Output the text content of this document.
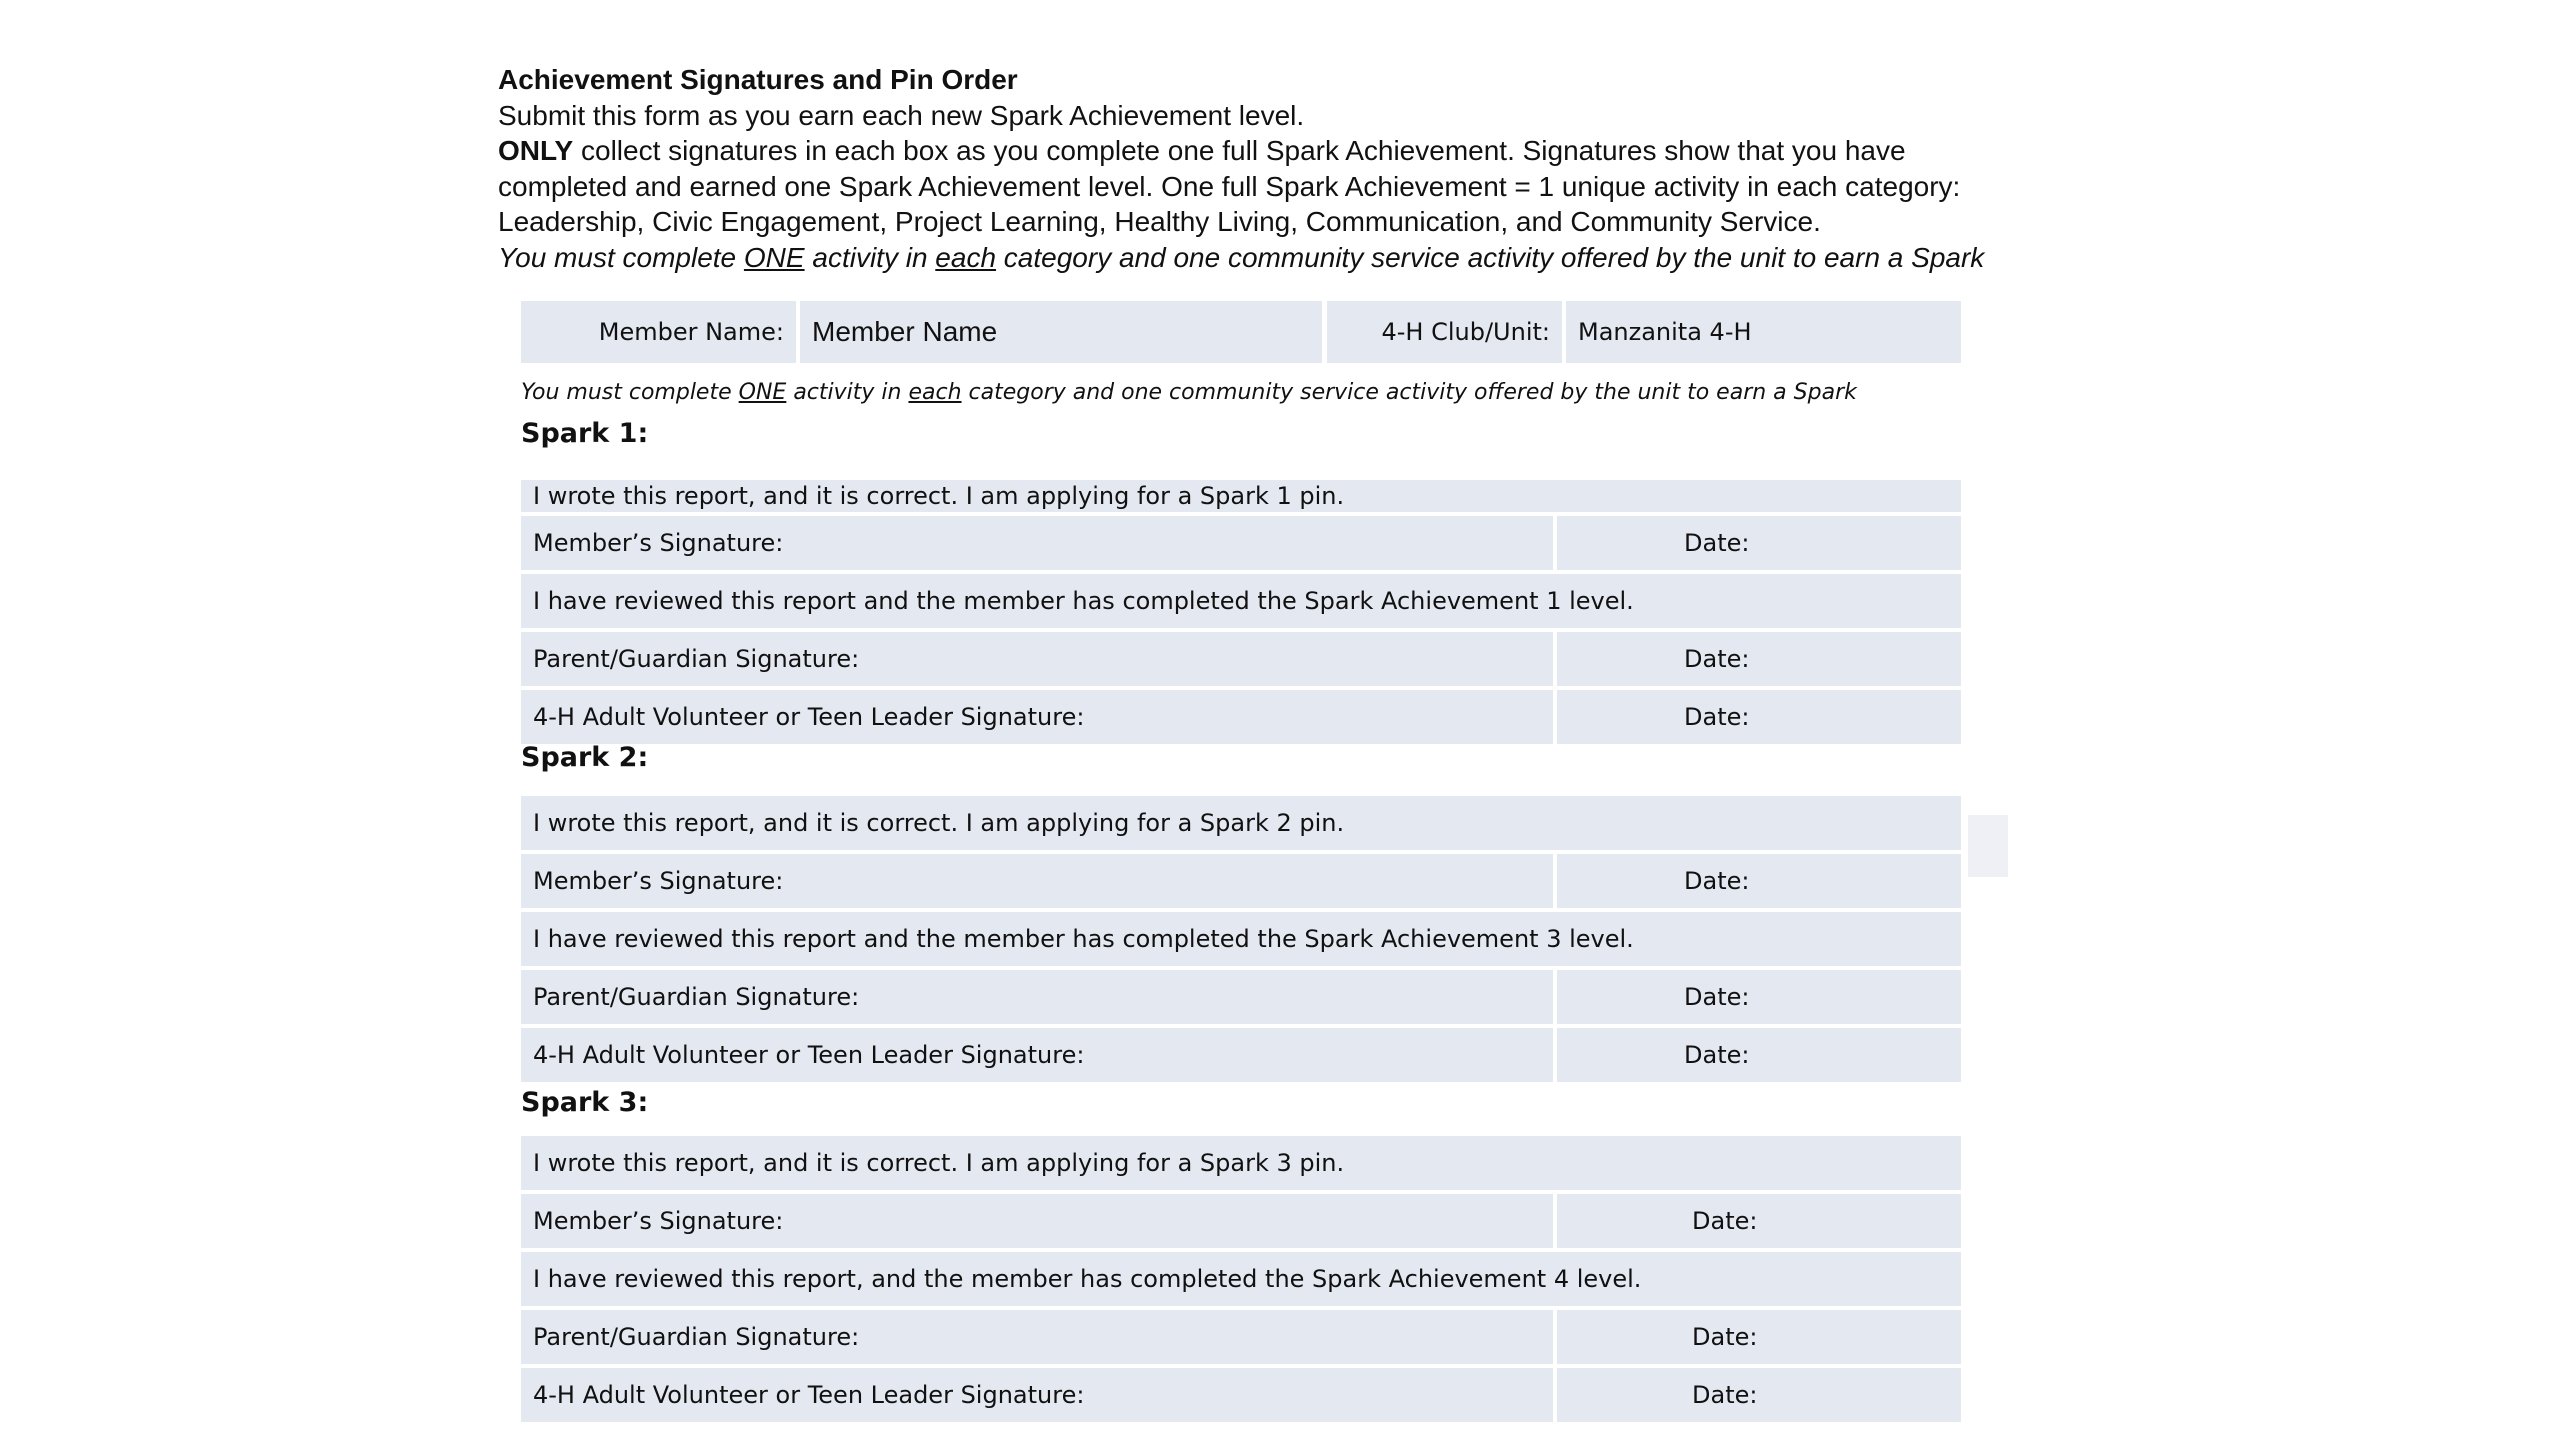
Achievement Signatures and Pin Order
Submit this form as you earn each new Spark Achievement level.
ONLY collect signatures in each box as you complete one full Spark Achievement. Signatures show that you have
completed and earned one Spark Achievement level. One full Spark Achievement = 1 unique activity in each category:
Leadership, Civic Engagement, Project Learning, Healthy Living, Communication, and Community Service.
You must complete ONE activity in each category and one community service activity offered by the unit to earn a Spark
Member Name:	Member Name	4-H Club/Unit:	Manzanita 4-H
You must complete ONE activity in each category and one community service activity offered by the unit to earn a Spark
Spark 1:
I wrote this report, and it is correct. I am applying for a Spark 1 pin.
Member’s Signature:	Date:
I have reviewed this report and the member has completed the Spark Achievement 1 level.
Parent/Guardian Signature:	Date:
4-H Adult Volunteer or Teen Leader Signature:	Date:
Spark 2:
I wrote this report, and it is correct. I am applying for a Spark 2 pin.
Member’s Signature:	Date:
I have reviewed this report and the member has completed the Spark Achievement 3 level.
Parent/Guardian Signature:	Date:
4-H Adult Volunteer or Teen Leader Signature:	Date:
Spark 3:
I wrote this report, and it is correct. I am applying for a Spark 3 pin.
Member’s Signature:	Date:
I have reviewed this report, and the member has completed the Spark Achievement 4 level.
Parent/Guardian Signature:	Date:
4-H Adult Volunteer or Teen Leader Signature:	Date:
